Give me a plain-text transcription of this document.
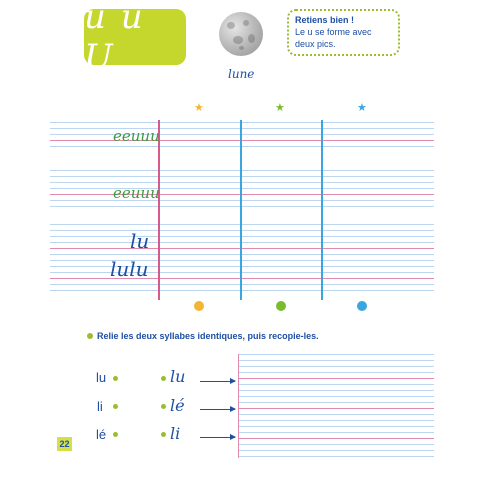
u u U
Retiens bien !
Le u se forme avec deux pics.
lune
★	★	★
eeuuu
eeuuu
lu
lulu
Relie les deux syllabes identiques, puis recopie-les.
lu
li
lé
lu
lé
li
22
